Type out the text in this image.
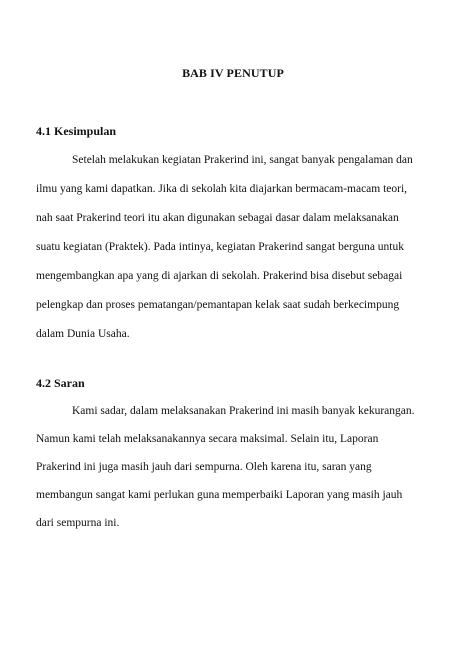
BAB IV PENUTUP
4.1 Kesimpulan
Setelah melakukan kegiatan Prakerind ini, sangat banyak pengalaman dan
ilmu yang kami dapatkan. Jika di sekolah kita diajarkan bermacam-macam teori,
nah saat Prakerind teori itu akan digunakan sebagai dasar dalam melaksanakan
suatu kegiatan (Praktek). Pada intinya, kegiatan Prakerind sangat berguna untuk
mengembangkan apa yang di ajarkan di sekolah. Prakerind bisa disebut sebagai
pelengkap dan proses pematangan/pemantapan kelak saat sudah berkecimpung
dalam Dunia Usaha.
4.2 Saran
Kami sadar, dalam melaksanakan Prakerind ini masih banyak kekurangan.
Namun kami telah melaksanakannya secara maksimal. Selain itu, Laporan
Prakerind ini juga masih jauh dari sempurna. Oleh karena itu, saran yang
membangun sangat kami perlukan guna memperbaiki Laporan yang masih jauh
dari sempurna ini.
